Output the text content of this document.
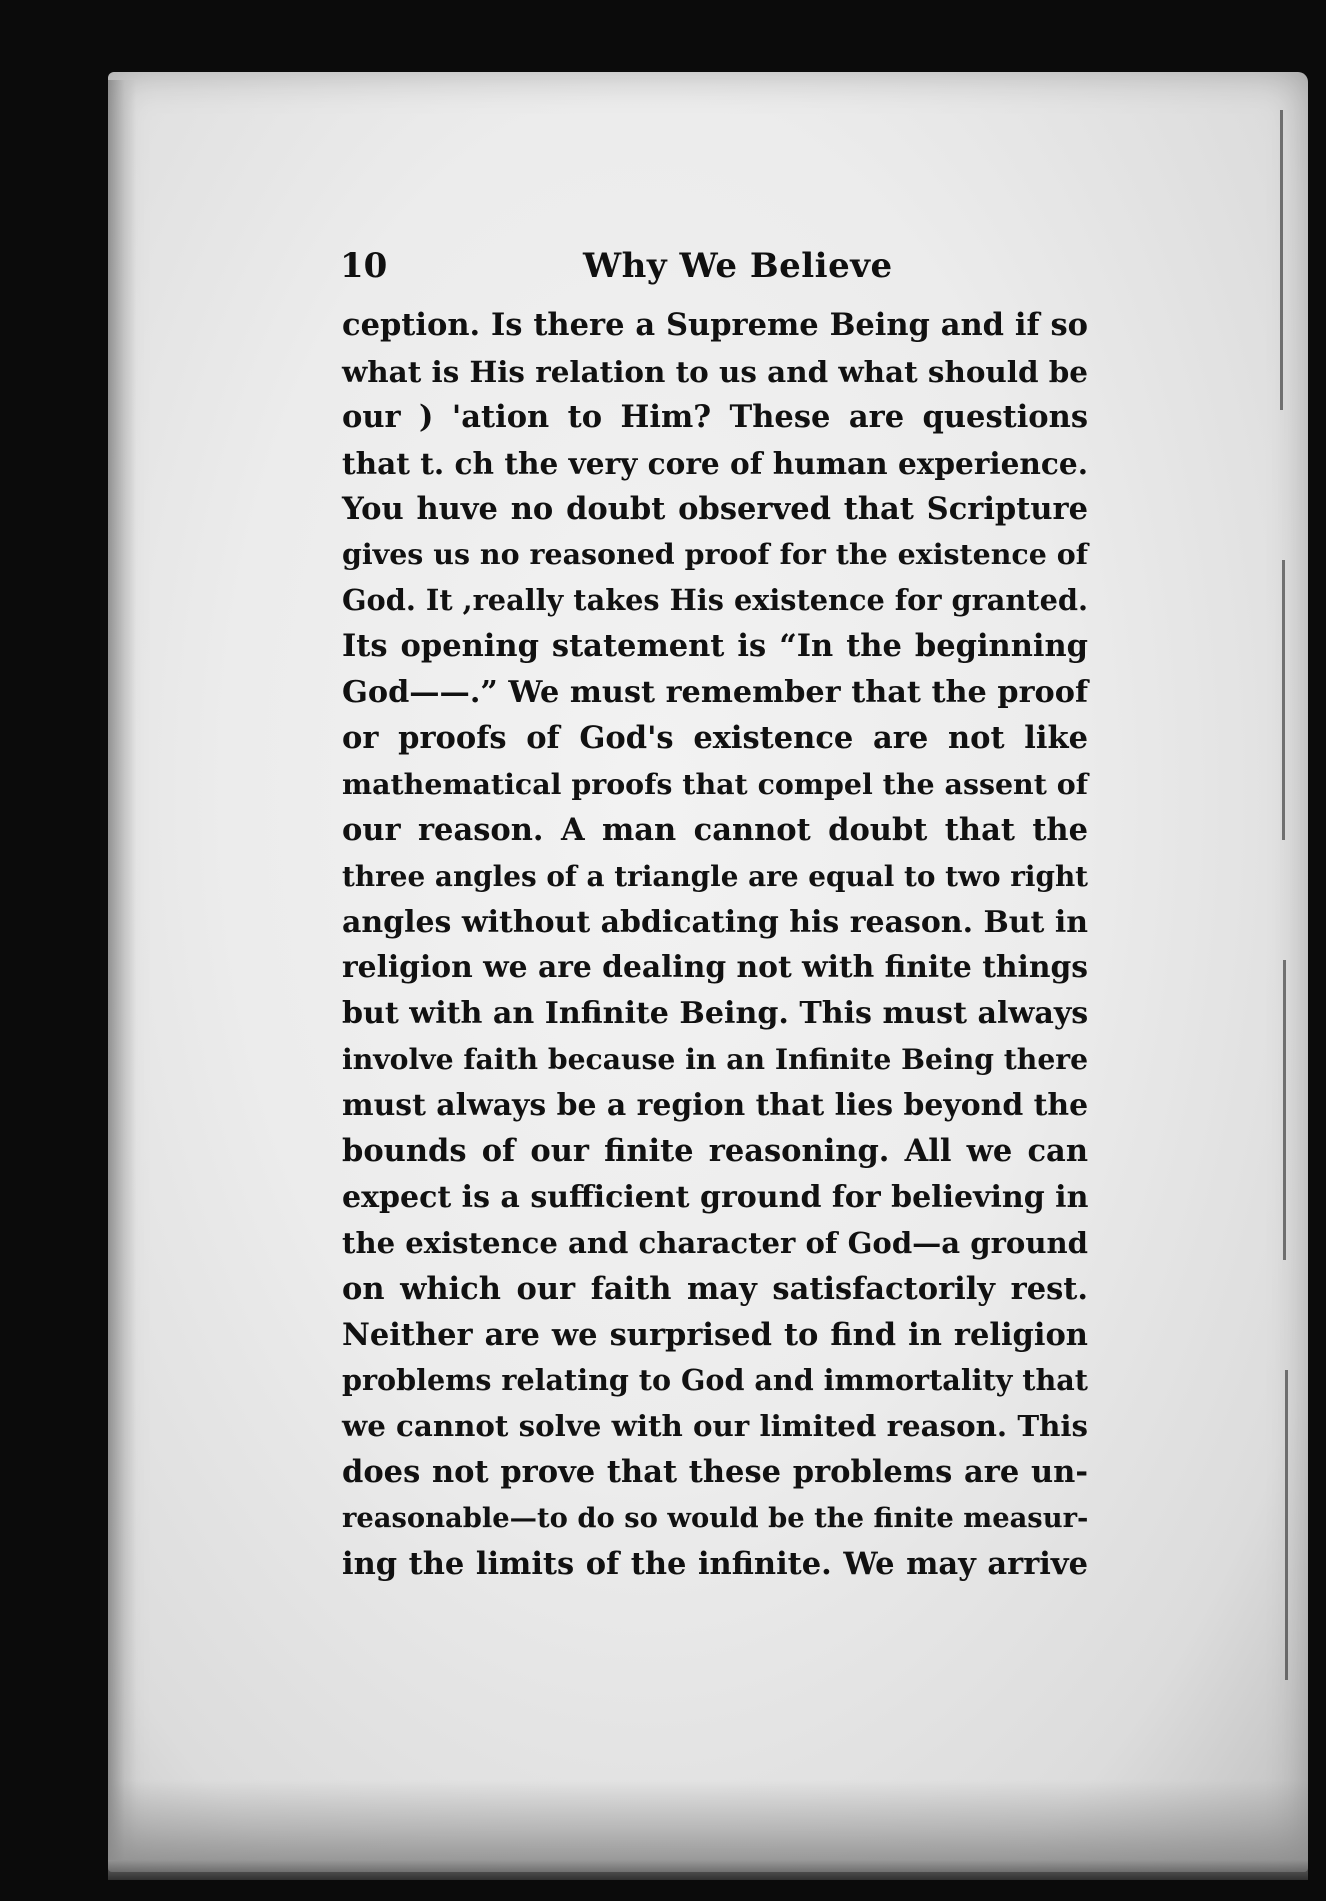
10	Why We Believe
ception. Is there a Supreme Being and if so
what is His relation to us and what should be
our ) 'ation to Him? These are questions
that t. ch the very core of human experience.
You huve no doubt observed that Scripture
gives us no reasoned proof for the existence of
God. It ,really takes His existence for granted.
Its opening statement is “In the beginning
God——.” We must remember that the proof
or proofs of God's existence are not like
mathematical proofs that compel the assent of
our reason. A man cannot doubt that the
three angles of a triangle are equal to two right
angles without abdicating his reason. But in
religion we are dealing not with finite things
but with an Infinite Being. This must always
involve faith because in an Infinite Being there
must always be a region that lies beyond the
bounds of our finite reasoning. All we can
expect is a sufficient ground for believing in
the existence and character of God—a ground
on which our faith may satisfactorily rest.
Neither are we surprised to find in religion
problems relating to God and immortality that
we cannot solve with our limited reason. This
does not prove that these problems are un-
reasonable—to do so would be the finite measur-
ing the limits of the infinite. We may arrive
